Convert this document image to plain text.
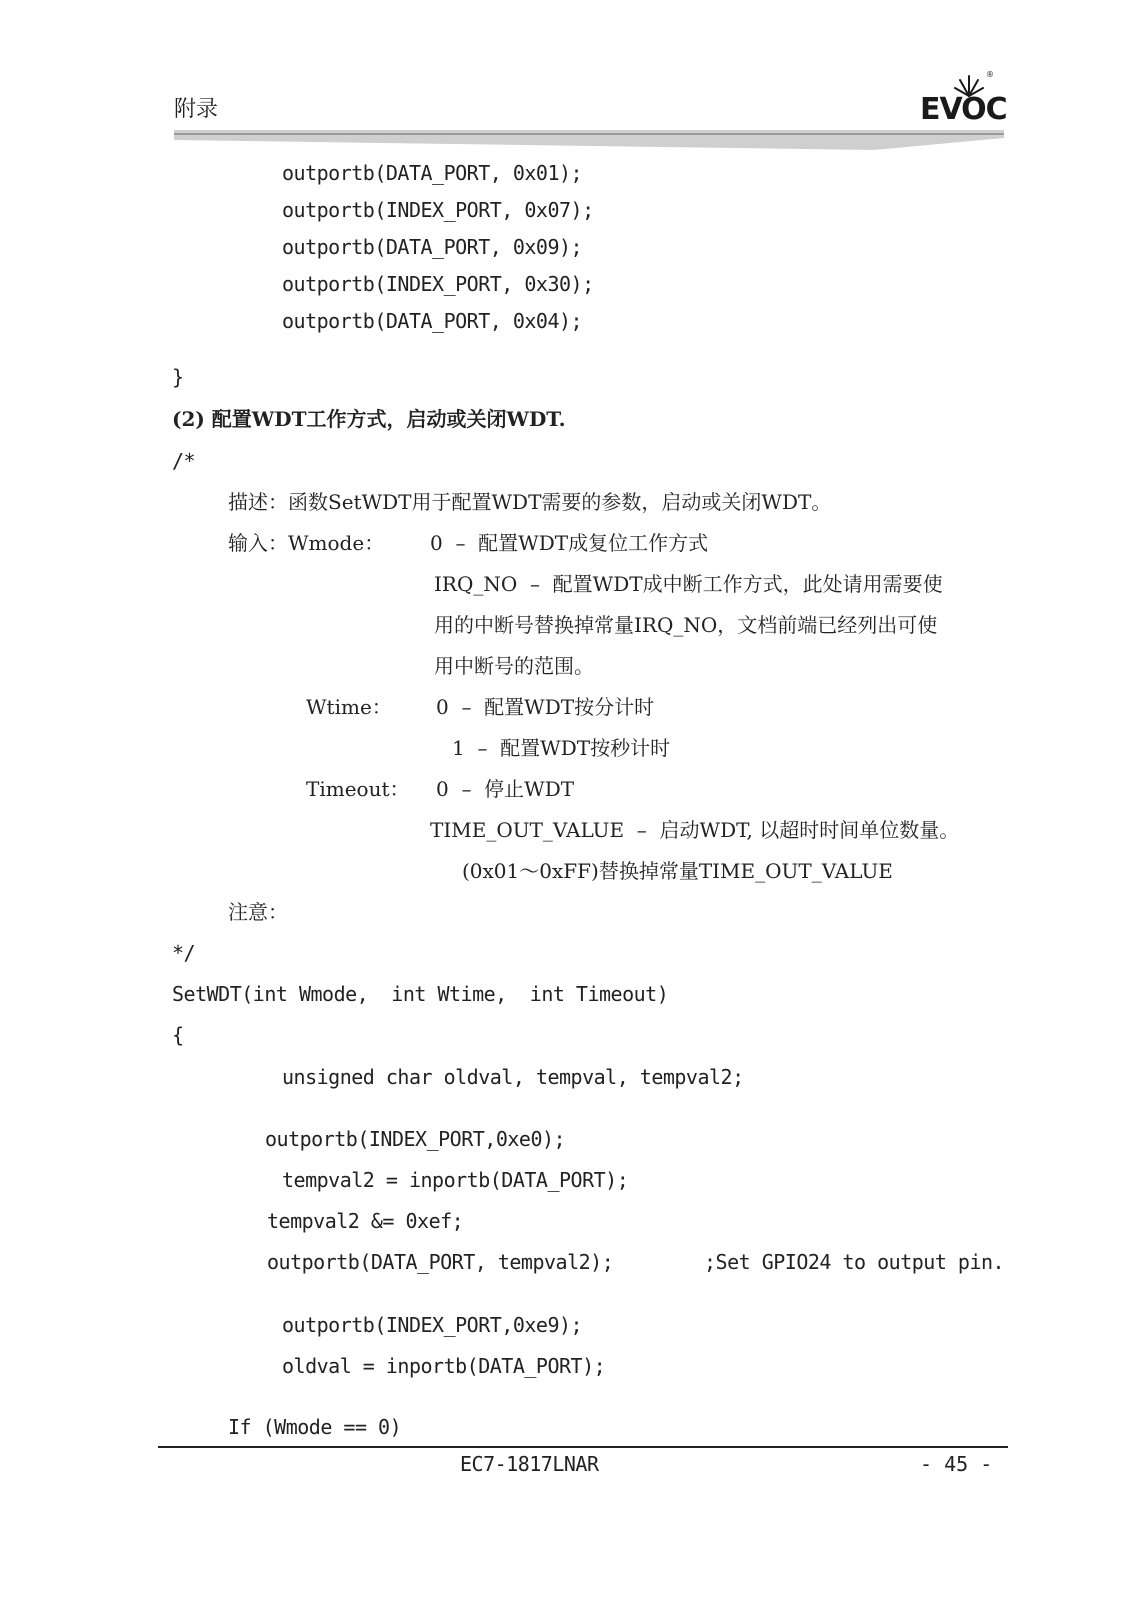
附录
®
EVOC
outportb(DATA_PORT, 0x01);
outportb(INDEX_PORT, 0x07);
outportb(DATA_PORT, 0x09);
outportb(INDEX_PORT, 0x30);
outportb(DATA_PORT, 0x04);
}
(2) 配置WDT工作方式，启动或关闭WDT.
/*
描述：函数SetWDT用于配置WDT需要的参数，启动或关闭WDT。
输入：Wmode： 0  –  配置WDT成复位工作方式
IRQ_NO  –  配置WDT成中断工作方式，此处请用需要使
用的中断号替换掉常量IRQ_NO，文档前端已经列出可使
用中断号的范围。
Wtime： 0  –  配置WDT按分计时
1  –  配置WDT按秒计时
Timeout： 0  –  停止WDT
TIME_OUT_VALUE  –  启动WDT, 以超时时间单位数量。
(0x01～0xFF)替换掉常量TIME_OUT_VALUE
注意：
*/
SetWDT(int Wmode,  int Wtime,  int Timeout)
{
unsigned char oldval, tempval, tempval2;
outportb(INDEX_PORT,0xe0);
tempval2 = inportb(DATA_PORT);
tempval2 &= 0xef;
outportb(DATA_PORT, tempval2);	;Set GPIO24 to output pin.
outportb(INDEX_PORT,0xe9);
oldval = inportb(DATA_PORT);
If (Wmode == 0)
EC7-1817LNAR	- 45 -
